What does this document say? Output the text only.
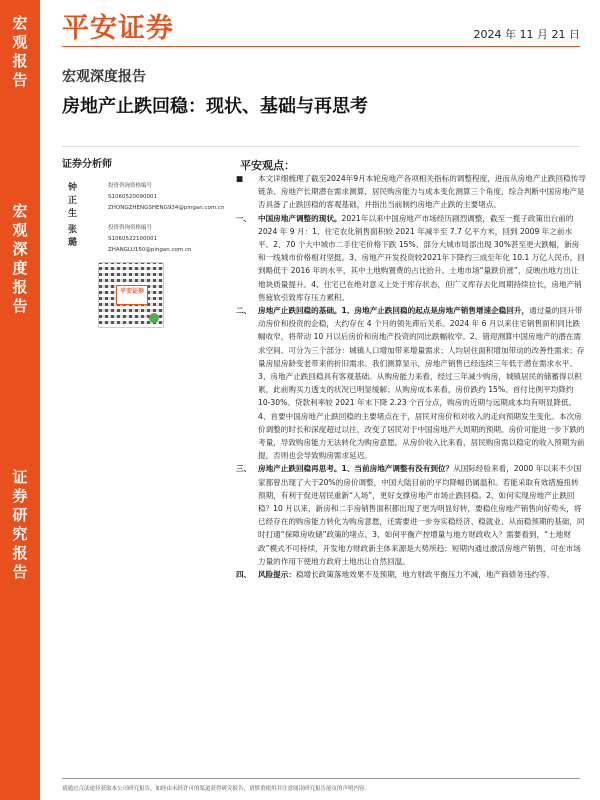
宏
观
报
告
宏
观
深
度
报
告
证
券
研
究
报
告
平安证券	2024 年 11 月 21 日
宏观深度报告
房地产止跌回稳：现状、基础与再思考
证券分析师
钟正生
投资咨询资格编号
S1060520090001
ZHONGZHENGSHENG934@pingan.com.cn
张璐
投资咨询资格编号
S1060522100001
ZHANGLU150@pingan.com.cn
平安证券
平安观点：
■	本文详细梳理了截至2024年9月本轮房地产各项相关指标的调整程度，进而从房地产止跌回稳传导链条、房地产长期潜在需求测算、居民购房能力与成本变化测算三个角度，综合判断中国房地产是否具备了止跌回稳的客观基础，并指出当前制约房地产止跌的主要堵点。
一、 中国房地产调整的现状。2021年以来中国房地产市场经历剧烈调整，截至一揽子政策出台前的 2024 年 9 月：1、住宅农化销售面积较 2021 年减半至 7.7 亿平方米，回到 2009 年之前水平。2、70 个大中城市二手住宅价格下跌 15%、部分大城市局部出现 30%甚至更大跌幅，新房和一线城市价格相对坚挺。3、房地产开发投资较2021年下降约三成至年化 10.1 万亿人民币，回到略低于 2016 年的水平，其中土地购置费的占比抬升。土地市场“量跌价涨”，反映出地方出让地块质量提升。4、住宅已在绝对意义上处于库存状态，但广义库存去化周期持续拉长，房地产销售疲软引致库存压力累积。
二、 房地产止跌回稳的基础。1、房地产止跌回稳的起点是房地产销售增速企稳回升，通过量的回升带动房价和投资的企稳，大约存在 4 个月的领先滞后关系。2024 年 6 月以来住宅销售面积同比跌幅收窄，将带动 10 月以后房价和房地产投资的同比跌幅收窄。2、错迎测算中国房地产的潜在需求空间。可分为三个部分：城镇人口增加带来增量需求；人均居住面积增加带动的改善性需求；存量房屋房龄变老带来的折旧需求。我们测算显示，房地产销售已经连续三年低于潜在需求水平。3、房地产止跌回稳具有客观基础。从购房能力来看，经过三年减少购房，城镇居民的储蓄得以积累，此前购买力透支的状况已明显缓解；从购房成本来看，房价跌约 15%、首付比例平均降约 10-30%、贷款利率较 2021 年末下降 2.23 个百分点，购房的近期与远期成本均有明显降低。4、首要中国房地产止跌回稳的主要堵点在于，居民对房价和对收入的走向预期发生变化。本次房价调整的时长和深度超过以往，改变了居民对于中国房地产大周期的预期。房价可能进一步下跌的考量，导致购房能力无法转化为购房意愿。从房价收入比来看，居民购房需以稳定的收入预期为前提，否则也会导致购房需求延迟。
三、 房地产止跌回稳再思考。1、当前房地产调整有没有到位？从国际经验来看，2000 年以来不少国家都曾出现了大于20%的房价调整，中国大陆目前的平均降幅仍属温和。若能采取有效措施扭转预期，有利于促进居民重新“入场”，更好支撑房地产市场止跌回稳。2、如何实现房地产止跌回稳？10 月以来，新房和二手房销售面积都出现了更为明显好转，要稳住房地产销售向好势头，将已经存在的购房能力转化为购房意愿，还需要进一步夯实稳经济、稳就业、从而稳预期的基础，同时打通“保障房收储”政策的堵点。3、如何平衡产控增量与地方财政收入？需要看到，“土地财政”模式不可持续，开发地方财政新主体来源是大势所趋；短期内通过激活房地产销售，可在市场力量的作用下使地方政府土地出让自然回温。
四、 风险提示：稳增长政策落地效果不及预期，地方财政平衡压力不减，地产商债务违约等。
请通过合法途径获取本公司研究报告，如经由未经许可的渠道获得研究报告，请慎重使用并注意阅读研究报告尾页的声明内容。
